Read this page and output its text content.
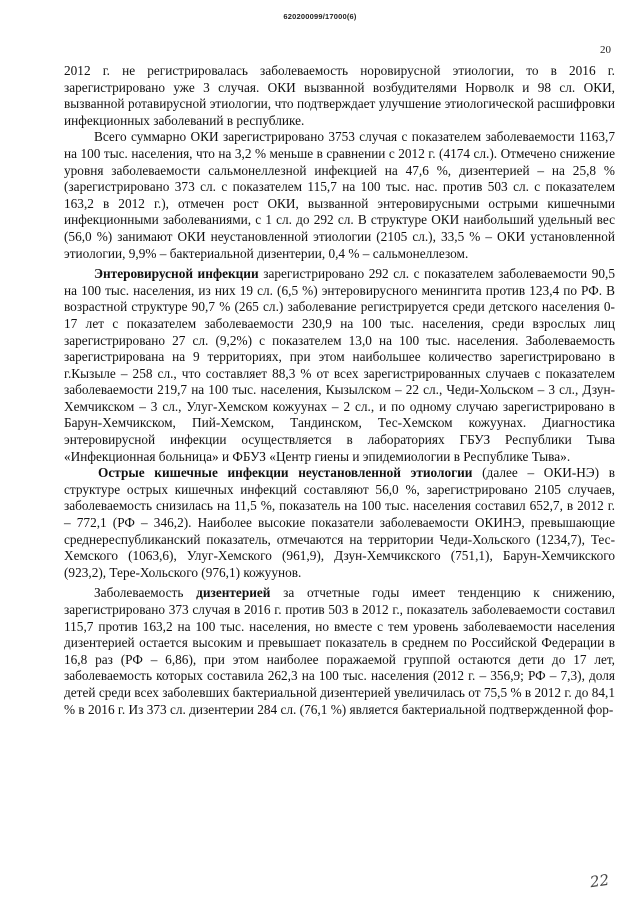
620200099/17000(6)
20

2012 г. не регистрировалась заболеваемость норовирусной этиологии, то в 2016 г. зарегистрировано уже 3 случая. ОКИ вызванной возбудителями Норволк и 98 сл. ОКИ, вызванной ротавирусной этиологии, что подтверждает улучшение этиологической расшифровки инфекционных заболеваний в республике.

Всего суммарно ОКИ зарегистрировано 3753 случая с показателем заболеваемости 1163,7 на 100 тыс. населения, что на 3,2 % меньше в сравнении с 2012 г. (4174 сл.). Отмечено снижение уровня заболеваемости сальмонеллезной инфекцией на 47,6 %, дизентерией – на 25,8 % (зарегистрировано 373 сл. с показателем 115,7 на 100 тыс. нас. против 503 сл. с показателем 163,2 в 2012 г.), отмечен рост ОКИ, вызванной энтеровирусными острыми кишечными инфекционными заболеваниями, с 1 сл. до 292 сл. В структуре ОКИ наибольший удельный вес (56,0 %) занимают ОКИ неустановленной этиологии (2105 сл.), 33,5 % – ОКИ установленной этиологии, 9,9% – бактериальной дизентерии, 0,4 % – сальмонеллезом.

Энтеровирусной инфекции зарегистрировано 292 сл. с показателем заболеваемости 90,5 на 100 тыс. населения, из них 19 сл. (6,5 %) энтеровирусного менингита против 123,4 по РФ. В возрастной структуре 90,7 % (265 сл.) заболевание регистрируется среди детского населения 0-17 лет с показателем заболеваемости 230,9 на 100 тыс. населения, среди взрослых лиц зарегистрировано 27 сл. (9,2%) с показателем 13,0 на 100 тыс. населения. Заболеваемость зарегистрирована на 9 территориях, при этом наибольшее количество зарегистрировано в г.Кызыле – 258 сл., что составляет 88,3 % от всех зарегистрированных случаев с показателем заболеваемости 219,7 на 100 тыс. населения, Кызылском – 22 сл., Чеди-Хольском – 3 сл., Дзун-Хемчикском – 3 сл., Улуг-Хемском кожуунах – 2 сл., и по одному случаю зарегистрировано в Барун-Хемчикском, Пий-Хемском, Тандинском, Тес-Хемском кожуунах. Диагностика энтеровирусной инфекции осуществляется в лабораториях ГБУЗ Республики Тыва «Инфекционная больница» и ФБУЗ «Центр гиены и эпидемиологии в Республике Тыва».

Острые кишечные инфекции неустановленной этиологии (далее – ОКИ-НЭ) в структуре острых кишечных инфекций составляют 56,0 %, зарегистрировано 2105 случаев, заболеваемость снизилась на 11,5 %, показатель на 100 тыс. населения составил 652,7, в 2012 г. – 772,1 (РФ – 346,2). Наиболее высокие показатели заболеваемости ОКИНЭ, превышающие среднереспубликанский показатель, отмечаются на территории Чеди-Хольского (1234,7), Тес-Хемского (1063,6), Улуг-Хемского (961,9), Дзун-Хемчикского (751,1), Барун-Хемчикского (923,2), Тере-Хольского (976,1) кожуунов.

Заболеваемость дизентерией за отчетные годы имеет тенденцию к снижению, зарегистрировано 373 случая в 2016 г. против 503 в 2012 г., показатель заболеваемости составил 115,7 против 163,2 на 100 тыс. населения, но вместе с тем уровень заболеваемости населения дизентерией остается высоким и превышает показатель в среднем по Российской Федерации в 16,8 раз (РФ – 6,86), при этом наиболее поражаемой группой остаются дети до 17 лет, заболеваемость которых составила 262,3 на 100 тыс. населения (2012 г. – 356,9; РФ – 7,3), доля детей среди всех заболевших бактериальной дизентерией увеличилась от 75,5 % в 2012 г. до 84,1 % в 2016 г. Из 373 сл. дизентерии 284 сл. (76,1 %) является бактериальной подтвержденной фор-

22
